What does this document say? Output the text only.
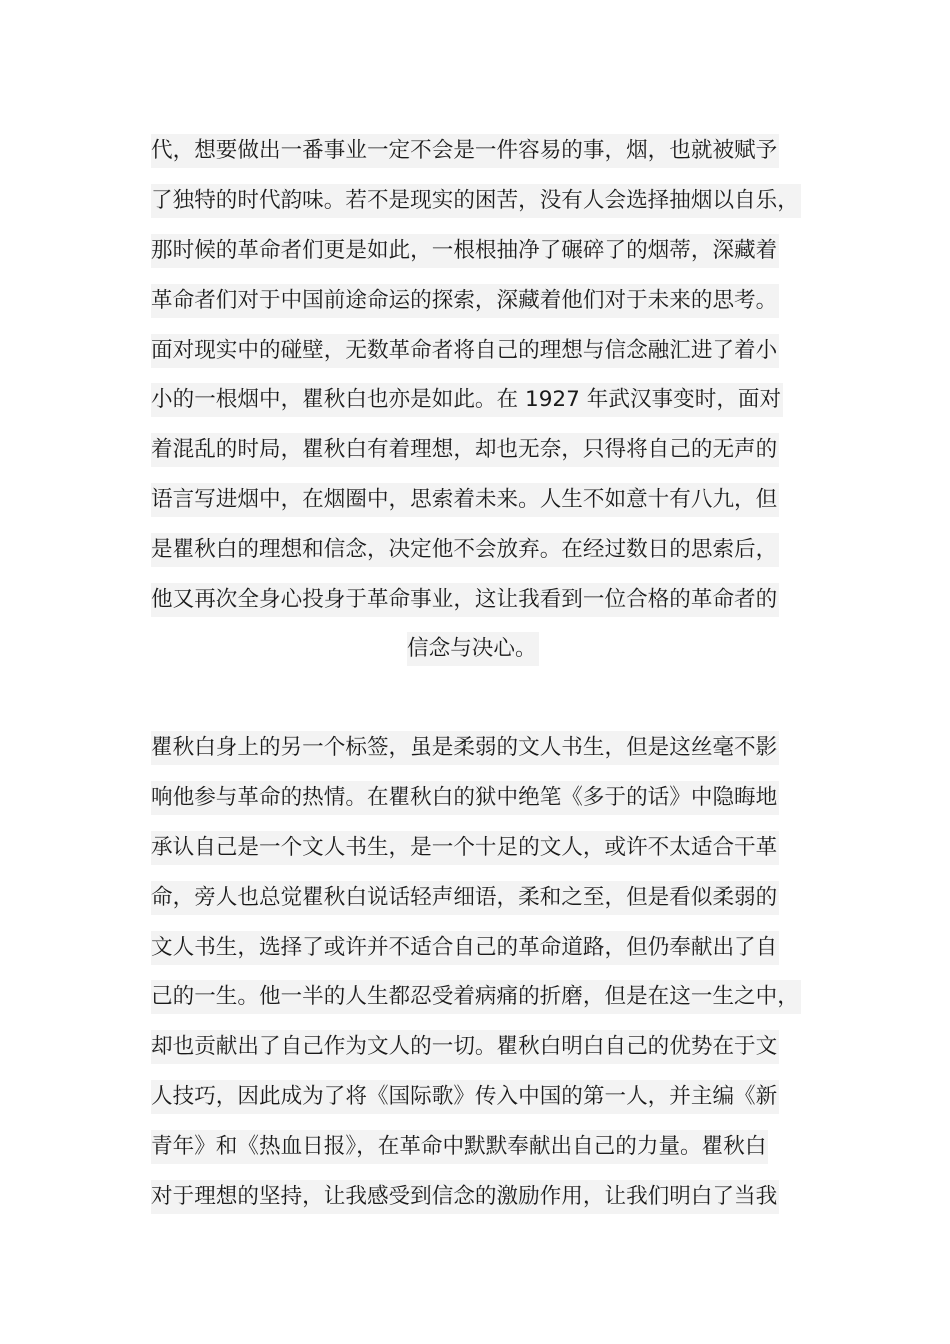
代，想要做出一番事业一定不会是一件容易的事，烟，也就被赋予
了独特的时代韵味。若不是现实的困苦，没有人会选择抽烟以自乐，
那时候的革命者们更是如此，一根根抽净了碾碎了的烟蒂，深藏着
革命者们对于中国前途命运的探索，深藏着他们对于未来的思考。
面对现实中的碰壁，无数革命者将自己的理想与信念融汇进了着小
小的一根烟中，瞿秋白也亦是如此。在 1927 年武汉事变时，面对
着混乱的时局，瞿秋白有着理想，却也无奈，只得将自己的无声的
语言写进烟中，在烟圈中，思索着未来。人生不如意十有八九，但
是瞿秋白的理想和信念，决定他不会放弃。在经过数日的思索后，
他又再次全身心投身于革命事业，这让我看到一位合格的革命者的
信念与决心。
瞿秋白身上的另一个标签，虽是柔弱的文人书生，但是这丝毫不影
响他参与革命的热情。在瞿秋白的狱中绝笔《多于的话》中隐晦地
承认自己是一个文人书生，是一个十足的文人，或许不太适合干革
命，旁人也总觉瞿秋白说话轻声细语，柔和之至，但是看似柔弱的
文人书生，选择了或许并不适合自己的革命道路，但仍奉献出了自
己的一生。他一半的人生都忍受着病痛的折磨，但是在这一生之中，
却也贡献出了自己作为文人的一切。瞿秋白明白自己的优势在于文
人技巧，因此成为了将《国际歌》传入中国的第一人，并主编《新
青年》和《热血日报》，在革命中默默奉献出自己的力量。瞿秋白
对于理想的坚持，让我感受到信念的激励作用，让我们明白了当我
